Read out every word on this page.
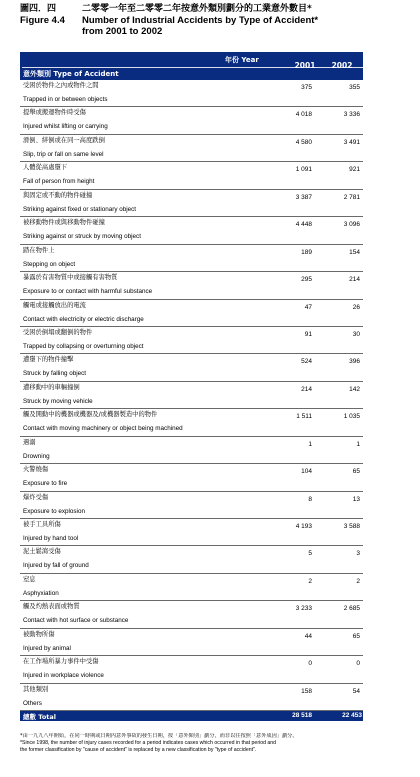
圖四．四	二零零一年至二零零二年按意外類別劃分的工業意外數目*
Figure 4.4	Number of Industrial Accidents by Type of Accident*
from 2001 to 2002
年份 Year
2001	2002
意外類別 Type of Accident
受困於物件之內或物件之間
Trapped in or between objects
375	355
提舉或搬運物件時受傷
Injured whilst lifting or carrying
4 018	3 336
滑倒、絆倒或在同一高度跌倒
Slip, trip or fall on same level
4 580	3 491
人體從高處墮下
Fall of person from height
1 091	921
與固定或不動的物件碰撞
Striking against fixed or stationary object
3 387	2 781
被移動物件或與移動物件碰撞
Striking against or struck by moving object
4 448	3 096
踏在物件上
Stepping on object
189	154
暴露於有害物質中或接觸有害物質
Exposure to or contact with harmful substance
295	214
觸電或接觸放出的電流
Contact with electricity or electric discharge
47	26
受困於倒塌或翻倒的物件
Trapped by collapsing or overturning object
91	30
遭墮下的物件撞擊
Struck by falling object
524	396
遭移動中的車輛撞倒
Struck by moving vehicle
214	142
觸及開動中的機器或機器及/或機器製造中的物件
Contact with moving machinery or object being machined
1 511	1 035
遇溺
Drowning
1	1
火警燒傷
Exposure to fire
104	65
爆炸受傷
Exposure to explosion
8	13
被手工具所傷
Injured by hand tool
4 193	3 588
泥土鬆瀉受傷
Injured by fall of ground
5	3
窒息
Asphyxiation
2	2
觸及灼熱表面或物質
Contact with hot surface or substance
3 233	2 685
被動物所傷
Injured by animal
44	65
在工作場所暴力事件中受傷
Injured in workplace violence
0	0
其他類別
Others
158	54
總數 Total	28 518	22 453
*由一九九八年開始，在同一時期或日期內意外事故的發生日期，按「意外類別」劃分，而非以往按照「意外成因」劃分。
*Since 1998, the number of injury cases recorded for a period indicates cases which occurred in that period and
the former classification by "cause of accident" is replaced by a new classification by "type of accident".
